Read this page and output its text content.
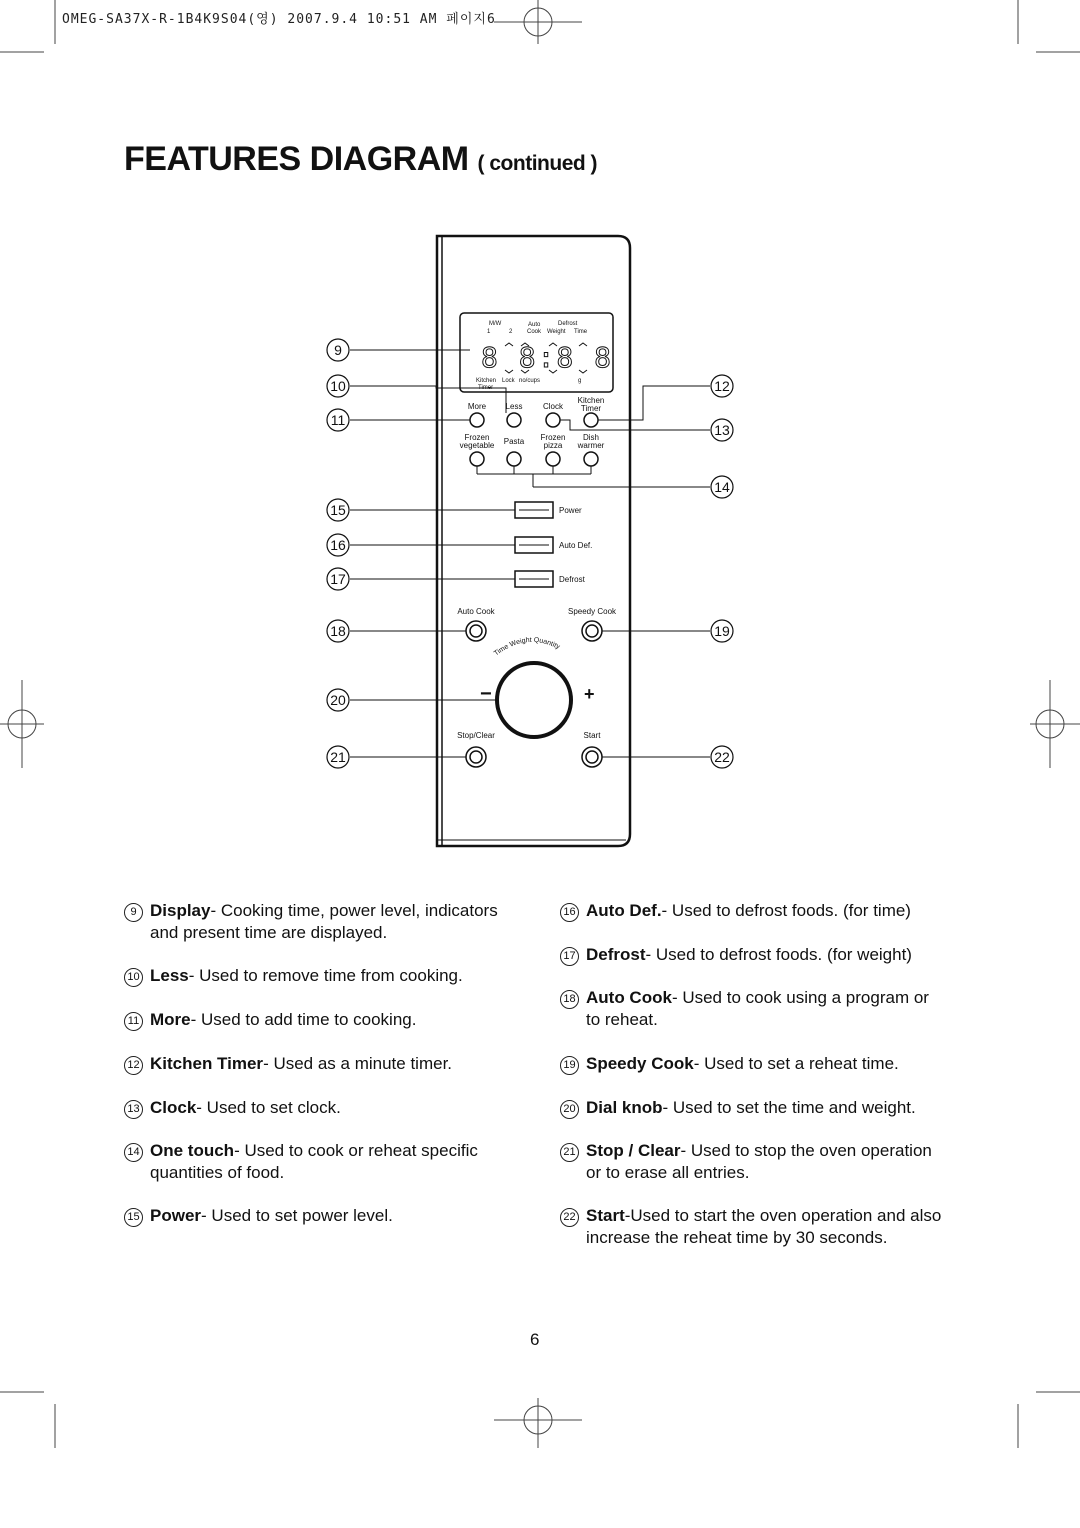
OMEG-SA37X-R-1B4K9S04(영) 2007.9.4 10:51 AM 페이지6
FEATURES DIAGRAM ( continued )
M/W
1	2
Auto
Cook
Defrost
Weight Time
Kitchen
Timer
Lock no/cups	g
8 8:8 8
More Less	Clock
Kitchen
Timer
Frozen
vegetable Pasta Frozen
pizza
Dish
warmer
Power
Auto Def.
Defrost
Auto Cook	Speedy Cook
Stop/Clear	Start
Time Weight Quantity
−	+
9
10
11
12
13
14
15
16
17
18	19
20
21	22
9 Display- Cooking time, power level, indicators
and present time are displayed.
10 Less- Used to remove time from cooking.
11 More- Used to add time to cooking.
12 Kitchen Timer- Used as a minute timer.
13 Clock- Used to set clock.
14 One touch- Used to cook or reheat specific
quantities of food.
15 Power- Used to set power level.
16 Auto Def.- Used to defrost foods. (for time)
17 Defrost- Used to defrost foods. (for weight)
18 Auto Cook- Used to cook using a program or
to reheat.
19 Speedy Cook- Used to set a reheat time.
20 Dial knob- Used to set the time and weight.
21 Stop / Clear- Used to stop the oven operation
or to erase all entries.
22 Start-Used to start the oven operation and also
increase the reheat time by 30 seconds.
6
